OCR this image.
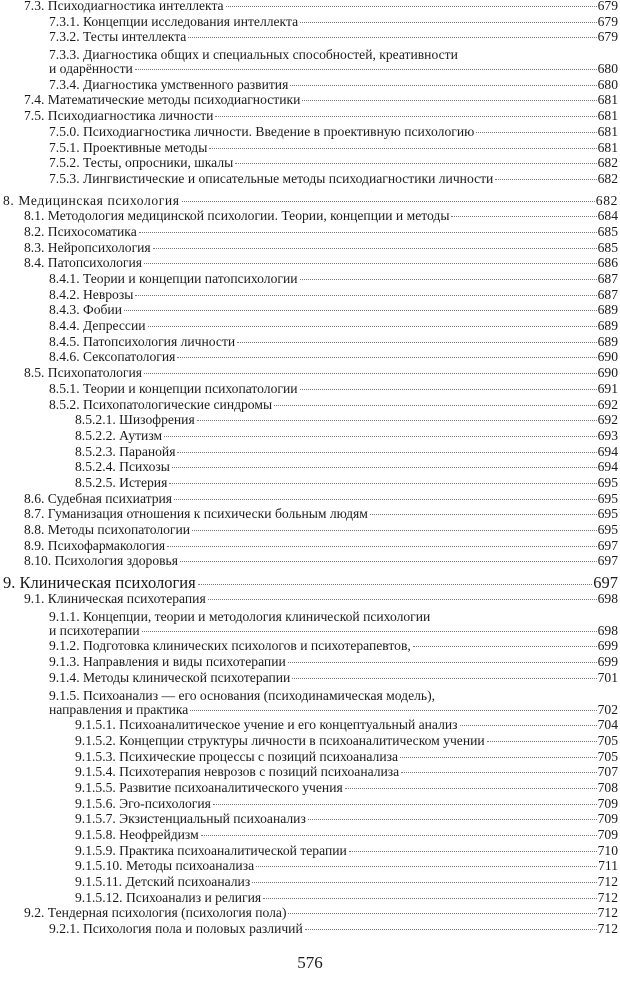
7.3. Психодиагностика интеллекта	679
7.3.1. Концепции исследования интеллекта	679
7.3.2. Тесты интеллекта	679
7.3.3. Диагностика общих и специальных способностей, креативности
и одарённости	680
7.3.4. Диагностика умственного развития	680
7.4. Математические методы психодиагностики	681
7.5. Психодиагностика личности	681
7.5.0. Психодиагностика личности. Введение в проективную психологию	681
7.5.1. Проективные методы	681
7.5.2. Тесты, опросники, шкалы	682
7.5.3. Лингвистические и описательные методы психодиагностики личности	682
8. Медицинская психология	682
8.1. Методология медицинской психологии. Теории, концепции и методы	684
8.2. Психосоматика	685
8.3. Нейропсихология	685
8.4. Патопсихология	686
8.4.1. Теории и концепции патопсихологии	687
8.4.2. Неврозы	687
8.4.3. Фобии	689
8.4.4. Депрессии	689
8.4.5. Патопсихология личности	689
8.4.6. Сексопатология	690
8.5. Психопатология	690
8.5.1. Теории и концепции психопатологии	691
8.5.2. Психопатологические синдромы	692
8.5.2.1. Шизофрения	692
8.5.2.2. Аутизм	693
8.5.2.3. Паранойя	694
8.5.2.4. Психозы	694
8.5.2.5. Истерия	695
8.6. Судебная психиатрия	695
8.7. Гуманизация отношения к психически больным людям	695
8.8. Методы психопатологии	695
8.9. Психофармакология	697
8.10. Психология здоровья	697
9. Клиническая психология	697
9.1. Клиническая психотерапия	698
9.1.1. Концепции, теории и методология клинической психологии
и психотерапии	698
9.1.2. Подготовка клинических психологов и психотерапевтов,	699
9.1.3. Направления и виды психотерапии	699
9.1.4. Методы клинической психотерапии	701
9.1.5. Психоанализ — его основания (психодинамическая модель),
направления и практика	702
9.1.5.1. Психоаналитическое учение и его концептуальный анализ	704
9.1.5.2. Концепции структуры личности в психоаналитическом учении	705
9.1.5.3. Психические процессы с позиций психоанализа	705
9.1.5.4. Психотерапия неврозов с позиций психоанализа	707
9.1.5.5. Развитие психоаналитического учения	708
9.1.5.6. Эго-психология	709
9.1.5.7. Экзистенциальный психоанализ	709
9.1.5.8. Неофрейдизм	709
9.1.5.9. Практика психоаналитической терапии	710
9.1.5.10. Методы психоанализа	711
9.1.5.11. Детский психоанализ	712
9.1.5.12. Психоанализ и религия	712
9.2. Тендерная психология (психология пола)	712
9.2.1. Психология пола и половых различий	712
576
